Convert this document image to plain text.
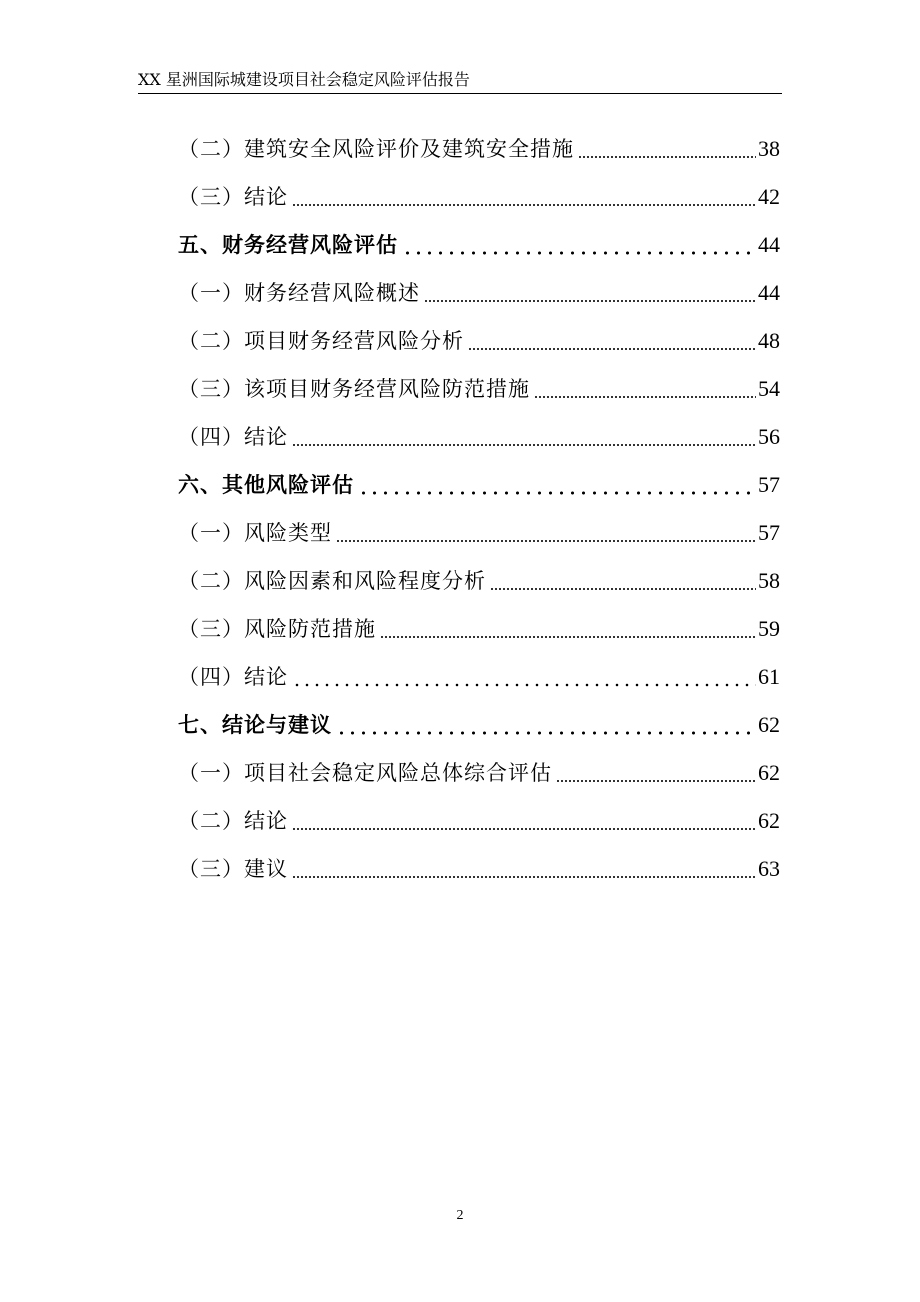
XX 星洲国际城建设项目社会稳定风险评估报告
（二）建筑安全风险评价及建筑安全措施	38
（三）结论	42
五、财务经营风险评估	44
（一）财务经营风险概述	44
（二）项目财务经营风险分析	48
（三）该项目财务经营风险防范措施	54
（四）结论	56
六、其他风险评估	57
（一）风险类型	57
（二）风险因素和风险程度分析	58
（三）风险防范措施	59
（四）结论	61
七、结论与建议	62
（一）项目社会稳定风险总体综合评估	62
（二）结论	62
（三）建议	63
2
